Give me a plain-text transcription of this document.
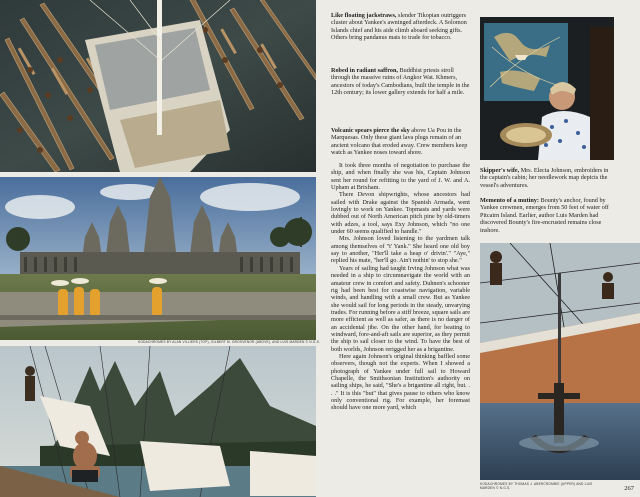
KODACHROMES BY ALAN VILLIERS (TOP), GILBERT M. GROSVENOR (ABOVE), AND LUIS MARDEN © N.G.S.
Like floating jackstraws, slender Tikopian outriggers cluster about Yankee's awninged afterdeck. A Solomon Islands chief and his aide climb aboard seeking gifts. Others bring pandanus mats to trade for tobacco.
Robed in radiant saffron, Buddhist priests stroll through the massive ruins of Angkor Wat. Khmers, ancestors of today's Cambodians, built the temple in the 12th century; its lower gallery extends for half a mile.
Volcanic spears pierce the sky above Ua Pou in the Marquesas. Only these giant lava plugs remain of an ancient volcano that eroded away. Crew members keep watch as Yankee noses toward shore.

It took three months of negotiation to purchase the ship, and when finally she was his, Captain Johnson sent her round for refitting to the yard of J. W. and A. Upham at Brixham.

There Devon shipwrights, whose ancestors had sailed with Drake against the Spanish Armada, went lovingly to work on Yankee. Topmasts and yards were dubbed out of North American pitch pine by old-timers with adzes, a tool, says Exy Johnson, which "no one under 60 seems qualified to handle."

Mrs. Johnson loved listening to the yardmen talk among themselves of "t' Yank." She heard one old boy say to another, "Her'll take a heap o' drivin'." "Aye," replied his mate, "her'll go. Ain't nothin' to stop she."

Years of sailing had taught Irving Johnson what was needed in a ship to circumnavigate the world with an amateur crew in comfort and safety. Duhnen's schooner rig had been best for coastwise navigation, variable winds, and handling with a small crew. But as Yankee she would sail for long periods in the steady, unvarying trades. For running before a stiff breeze, square sails are more efficient as well as safer, as there is no danger of an accidental jibe. On the other hand, for beating to windward, fore-and-aft sails are superior, as they permit the ship to sail closer to the wind. To have the best of both worlds, Johnson rerigged her as a brigantine.

Here again Johnson's original thinking baffled some observers, though not the experts. When I showed a photograph of Yankee under full sail to Howard Chapelle, the Smithsonian Institution's authority on sailing ships, he said, "She's a brigantine all right, but. . . ." It is this "but" that gives pause to others who know only conventional rig. For example, her foremast should have one more yard, which

Skipper's wife, Mrs. Electa Johnson, embroiders in the captain's cabin; her needlework map depicts the vessel's adventures.
Memento of a mutiny: Bounty's anchor, found by Yankee crewmen, emerges from 50 feet of water off Pitcairn Island. Earlier, author Luis Marden had discovered Bounty's fire-encrusted remains close inshore.
KODACHROMES BY THOMAS J. ABERCROMBIE (UPPER) AND LUIS MARDEN © N.G.S.	267
